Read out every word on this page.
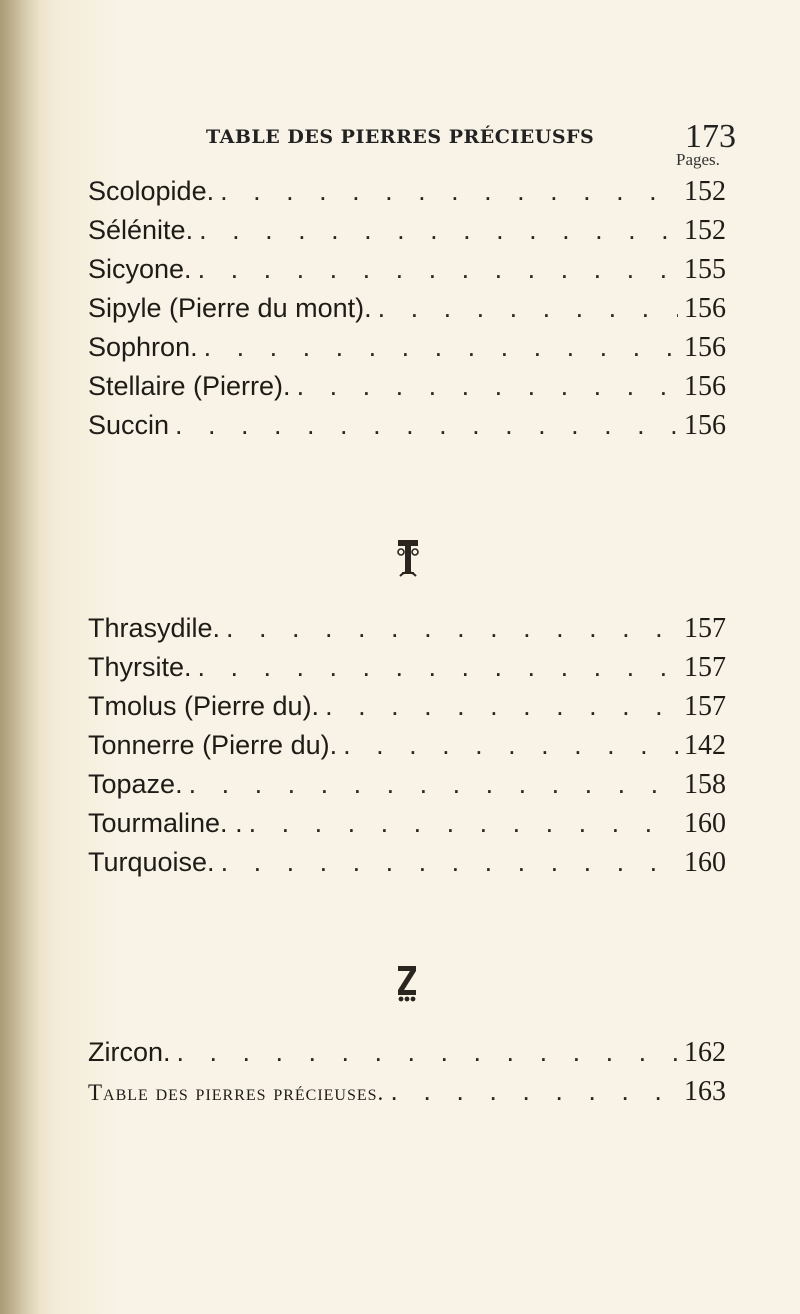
TABLE DES PIERRES PRÉCIEUSFS	173
Pages.
Scolopide. . . .	152
Sélénite. . . .	152
Sicyone. . . .	155
Sipyle (Pierre du mont). . . .	156
Sophron. . . .	156
Stellaire (Pierre). . . .	156
Succin . . .	156
Thrasydile. . . .	157
Thyrsite. . . .	157
Tmolus (Pierre du). . . .	157
Tonnerre (Pierre du). . . .	142
Topaze. . . .	158
Tourmaline. . . . .	160
Turquoise. . . .	160
Zircon. . . .	162
Table des pierres précieuses. . . .	163
